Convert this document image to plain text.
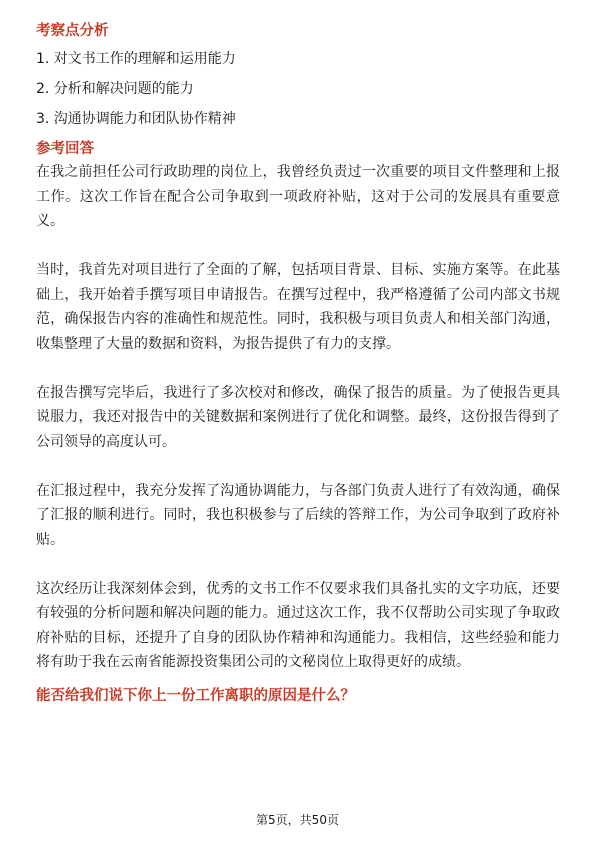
考察点分析
1. 对文书工作的理解和运用能力
2. 分析和解决问题的能力
3. 沟通协调能力和团队协作精神
参考回答

在我之前担任公司行政助理的岗位上，我曾经负责过一次重要的项目文件整理和上报工作。这次工作旨在配合公司争取到一项政府补贴，这对于公司的发展具有重要意义。

当时，我首先对项目进行了全面的了解，包括项目背景、目标、实施方案等。在此基础上，我开始着手撰写项目申请报告。在撰写过程中，我严格遵循了公司内部文书规范，确保报告内容的准确性和规范性。同时，我积极与项目负责人和相关部门沟通，收集整理了大量的数据和资料，为报告提供了有力的支撑。

在报告撰写完毕后，我进行了多次校对和修改，确保了报告的质量。为了使报告更具说服力，我还对报告中的关键数据和案例进行了优化和调整。最终，这份报告得到了公司领导的高度认可。

在汇报过程中，我充分发挥了沟通协调能力，与各部门负责人进行了有效沟通，确保了汇报的顺利进行。同时，我也积极参与了后续的答辩工作，为公司争取到了政府补贴。

这次经历让我深刻体会到，优秀的文书工作不仅要求我们具备扎实的文字功底，还要有较强的分析问题和解决问题的能力。通过这次工作，我不仅帮助公司实现了争取政府补贴的目标，还提升了自身的团队协作精神和沟通能力。我相信，这些经验和能力将有助于我在云南省能源投资集团公司的文秘岗位上取得更好的成绩。

能否给我们说下你上一份工作离职的原因是什么？
第5页，共50页
